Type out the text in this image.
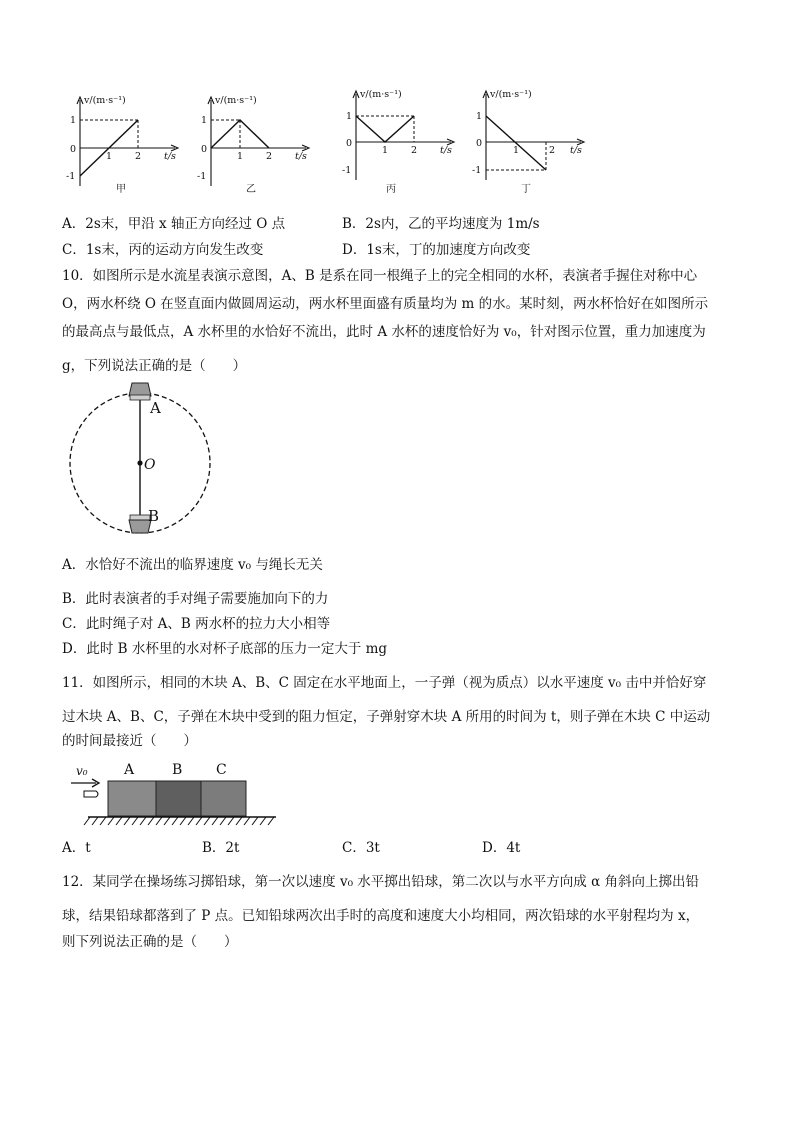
v/(m·s⁻¹)
1
0
-1
1 2 t/s
甲
v/(m·s⁻¹)
1
0
-1
1 2 t/s
乙
v/(m·s⁻¹)
1
0
-1
1 2 t/s
丙
v/(m·s⁻¹)
1
0
-1
1	2 t/s
丁
A．2s末，甲沿 x 轴正方向经过 O 点	B．2s内，乙的平均速度为 1m/s
C．1s末，丙的运动方向发生改变	D．1s末，丁的加速度方向改变
10．如图所示是水流星表演示意图，A、B 是系在同一根绳子上的完全相同的水杯，表演者手握住对称中心
O，两水杯绕 O 在竖直面内做圆周运动，两水杯里面盛有质量均为 m 的水。某时刻，两水杯恰好在如图所示
的最高点与最低点，A 水杯里的水恰好不流出，此时 A 水杯的速度恰好为 v₀，针对图示位置，重力加速度为
g，下列说法正确的是（　　）
A
O
B
A．水恰好不流出的临界速度 v₀ 与绳长无关
B．此时表演者的手对绳子需要施加向下的力
C．此时绳子对 A、B 两水杯的拉力大小相等
D．此时 B 水杯里的水对杯子底部的压力一定大于 mg
11．如图所示，相同的木块 A、B、C 固定在水平地面上，一子弹（视为质点）以水平速度 v₀ 击中并恰好穿
过木块 A、B、C，子弹在木块中受到的阻力恒定，子弹射穿木块 A 所用的时间为 t，则子弹在木块 C 中运动
的时间最接近（　　）
v₀	A	B C
A．t	B．2t	C．3t	D．4t
12．某同学在操场练习掷铅球，第一次以速度 v₀ 水平掷出铅球，第二次以与水平方向成 α 角斜向上掷出铅
球，结果铅球都落到了 P 点。已知铅球两次出手时的高度和速度大小均相同，两次铅球的水平射程均为 x，
则下列说法正确的是（　　）
